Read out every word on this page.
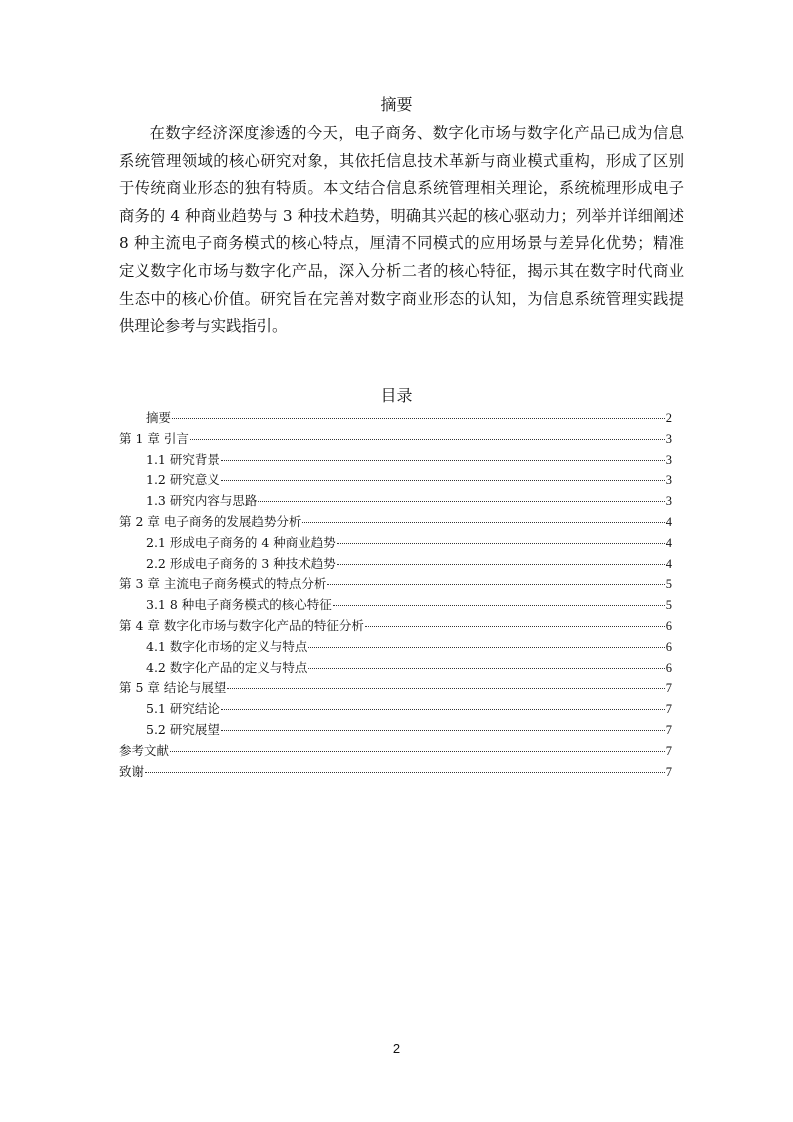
摘要

在数字经济深度渗透的今天，电子商务、数字化市场与数字化产品已成为信息系统管理领域的核心研究对象，其依托信息技术革新与商业模式重构，形成了区别于传统商业形态的独有特质。本文结合信息系统管理相关理论，系统梳理形成电子商务的 4 种商业趋势与 3 种技术趋势，明确其兴起的核心驱动力；列举并详细阐述 8 种主流电子商务模式的核心特点，厘清不同模式的应用场景与差异化优势；精准定义数字化市场与数字化产品，深入分析二者的核心特征，揭示其在数字时代商业生态中的核心价值。研究旨在完善对数字商业形态的认知，为信息系统管理实践提供理论参考与实践指引。

目录
摘要	2
第 1 章 引言	3
1.1 研究背景	3
1.2 研究意义	3
1.3 研究内容与思路	3
第 2 章 电子商务的发展趋势分析	4
2.1 形成电子商务的 4 种商业趋势	4
2.2 形成电子商务的 3 种技术趋势	4
第 3 章 主流电子商务模式的特点分析	5
3.1 8 种电子商务模式的核心特征	5
第 4 章 数字化市场与数字化产品的特征分析	6
4.1 数字化市场的定义与特点	6
4.2 数字化产品的定义与特点	6
第 5 章 结论与展望	7
5.1 研究结论	7
5.2 研究展望	7
参考文献	7
致谢	7
2
